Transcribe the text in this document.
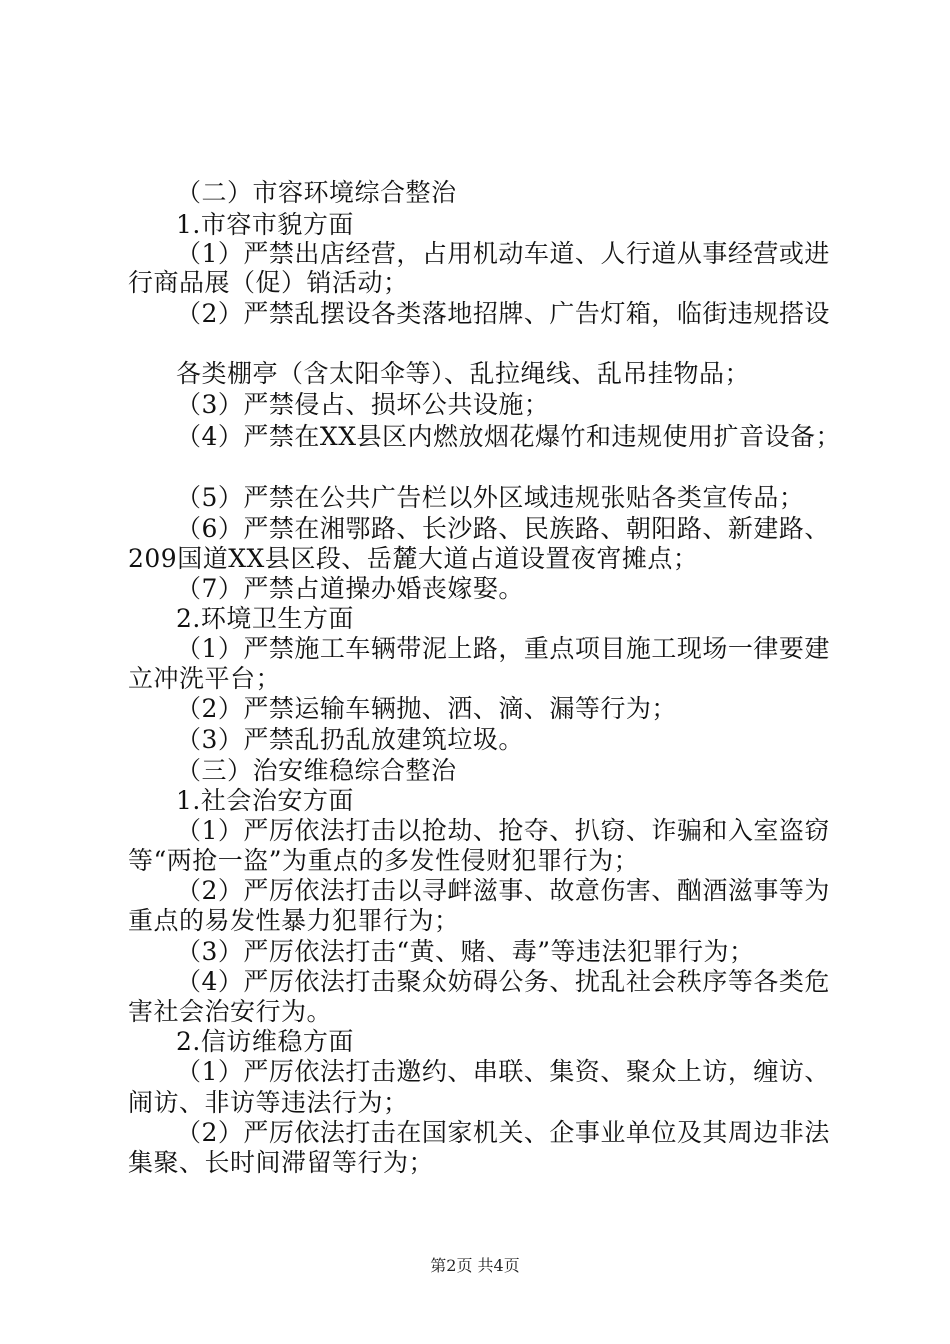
（二）市容环境综合整治
1.市容市貌方面
（1）严禁出店经营，占用机动车道、人行道从事经营或进
行商品展（促）销活动；
（2）严禁乱摆设各类落地招牌、广告灯箱，临街违规搭设
各类棚亭（含太阳伞等）、乱拉绳线、乱吊挂物品；
（3）严禁侵占、损坏公共设施；
（4）严禁在XX县区内燃放烟花爆竹和违规使用扩音设备；
（5）严禁在公共广告栏以外区域违规张贴各类宣传品；
（6）严禁在湘鄂路、长沙路、民族路、朝阳路、新建路、
209国道XX县区段、岳麓大道占道设置夜宵摊点；
（7）严禁占道操办婚丧嫁娶。
2.环境卫生方面
（1）严禁施工车辆带泥上路，重点项目施工现场一律要建
立冲洗平台；
（2）严禁运输车辆抛、洒、滴、漏等行为；
（3）严禁乱扔乱放建筑垃圾。
（三）治安维稳综合整治
1.社会治安方面
（1）严厉依法打击以抢劫、抢夺、扒窃、诈骗和入室盗窃
等“两抢一盗”为重点的多发性侵财犯罪行为；
（2）严厉依法打击以寻衅滋事、故意伤害、酗酒滋事等为
重点的易发性暴力犯罪行为；
（3）严厉依法打击“黄、赌、毒”等违法犯罪行为；
（4）严厉依法打击聚众妨碍公务、扰乱社会秩序等各类危
害社会治安行为。
2.信访维稳方面
（1）严厉依法打击邀约、串联、集资、聚众上访，缠访、
闹访、非访等违法行为；
（2）严厉依法打击在国家机关、企事业单位及其周边非法
集聚、长时间滞留等行为；
第2页 共4页
